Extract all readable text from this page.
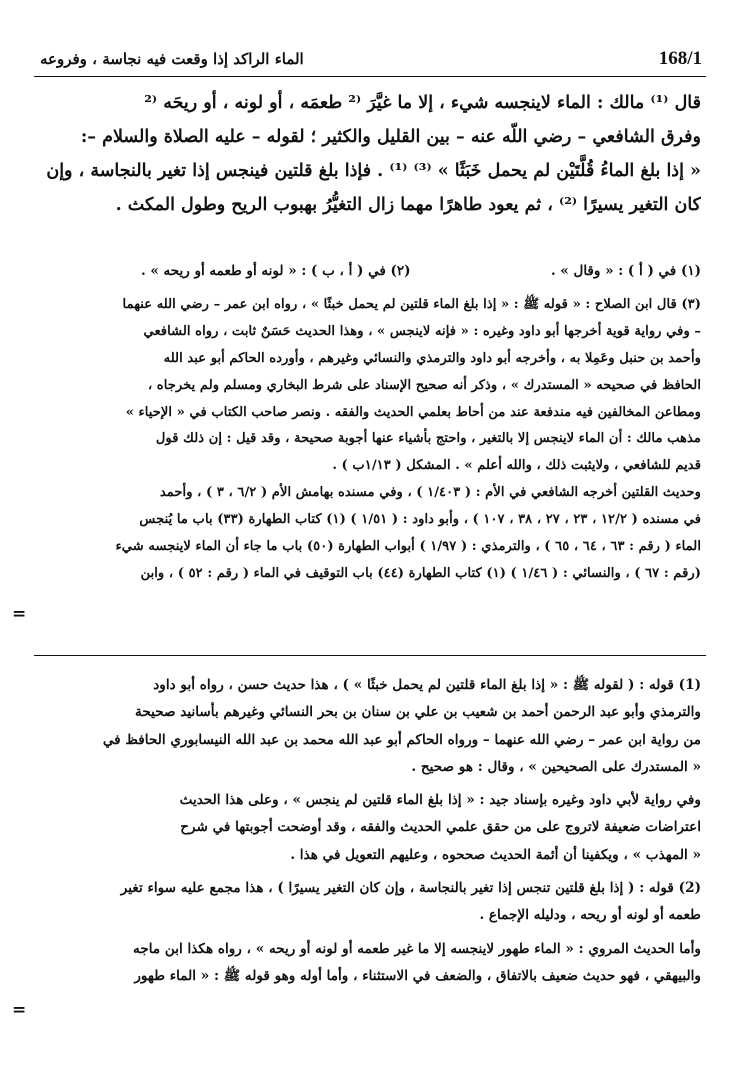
168/1
الماء الراكد إذا وقعت فيه نجاسة ، وفروعه
قال ⁽¹⁾ مالك : الماء لاينجسه شيء ، إلا ما غيَّرَ ⁽² طعمَه ، أو لونه ، أو ريحَه ⁽²
وفرق الشافعي – رضي اللّه عنه – بين القليل والكثير ؛ لقوله – عليه الصلاة والسلام –:
« إذا بلغ الماءُ قُلَّتَيْن لم يحمل خَبَثًا » ⁽³⁾ ⁽¹⁾ . فإذا بلغ قلتين فينجس إذا تغير بالنجاسة ، وإن
كان التغير يسيرًا ⁽²⁾ ، ثم يعود طاهرًا مهما زال التغيُّرُ بهبوب الريح وطول المكث .
(١) في ( أ ) : « وقال » .
(٢) في ( أ ، ب ) : « لونه أو طعمه أو ريحه » .
(٣) قال ابن الصلاح : « قوله ﷺ : « إذا بلغ الماء قلتين لم يحمل خبثًا » ، رواه ابن عمر – رضي الله عنهما
– وفي رواية قوية أخرجها أبو داود وغيره : « فإنه لاينجس » ، وهذا الحديث حَسَنٌ ثابت ، رواه الشافعي
وأحمد بن حنبل وعَمِلا به ، وأخرجه أبو داود والترمذي والنسائي وغيرهم ، وأورده الحاكم أبو عبد الله
الحافظ في صحيحه « المستدرك » ، وذكر أنه صحيح الإسناد على شرط البخاري ومسلم ولم يخرجاه ،
ومطاعن المخالفين فيه مندفعة عند من أحاط بعلمي الحديث والفقه . ونصر صاحب الكتاب في « الإحياء »
مذهب مالك : أن الماء لاينجس إلا بالتغير ، واحتج بأشياء عنها أجوبة صحيحة ، وقد قيل : إن ذلك قول
قديم للشافعي ، ولايثبت ذلك ، والله أعلم » . المشكل ( ١/١٣ب ) .
وحديث القلتين أخرجه الشافعي في الأم : ( ١/٤٠٣ ) ، وفي مسنده بهامش الأم ( ٦/٢ ، ٣ ) ، وأحمد
في مسنده ( ١٢/٢ ، ٢٣ ، ٢٧ ، ٣٨ ، ١٠٧ ) ، وأبو داود : ( ١/٥١ ) (١) كتاب الطهارة (٣٣) باب ما يُنجس
الماء ( رقم : ٦٣ ، ٦٤ ، ٦٥ ) ، والترمذي : ( ١/٩٧ ) أبواب الطهارة (٥٠) باب ما جاء أن الماء لاينجسه شيء
(رقم : ٦٧ ) ، والنسائي : ( ١/٤٦ ) (١) كتاب الطهارة (٤٤) باب التوقيف في الماء ( رقم : ٥٢ ) ، وابن
=
(1) قوله : ( لقوله ﷺ : « إذا بلغ الماء قلتين لم يحمل خبثًا » ) ، هذا حديث حسن ، رواه أبو داود
والترمذي وأبو عبد الرحمن أحمد بن شعيب بن علي بن سنان بن بحر النسائي وغيرهم بأسانيد صحيحة
من رواية ابن عمر – رضي الله عنهما – ورواه الحاكم أبو عبد الله محمد بن عبد الله النيسابوري الحافظ في
« المستدرك على الصحيحين » ، وقال : هو صحيح .
وفي رواية لأبي داود وغيره بإسناد جيد : « إذا بلغ الماء قلتين لم ينجس » ، وعلى هذا الحديث
اعتراضات ضعيفة لاتروج على من حقق علمي الحديث والفقه ، وقد أوضحت أجوبتها في شرح
« المهذب » ، ويكفينا أن أئمة الحديث صححوه ، وعليهم التعويل في هذا .
(2) قوله : ( إذا بلغ قلتين تنجس إذا تغير بالنجاسة ، وإن كان التغير يسيرًا ) ، هذا مجمع عليه سواء تغير
طعمه أو لونه أو ريحه ، ودليله الإجماع .
وأما الحديث المروي : « الماء طهور لاينجسه إلا ما غير طعمه أو لونه أو ريحه » ، رواه هكذا ابن ماجه
والبيهقي ، فهو حديث ضعيف بالاتفاق ، والضعف في الاستثناء ، وأما أوله وهو قوله ﷺ : « الماء طهور
=
